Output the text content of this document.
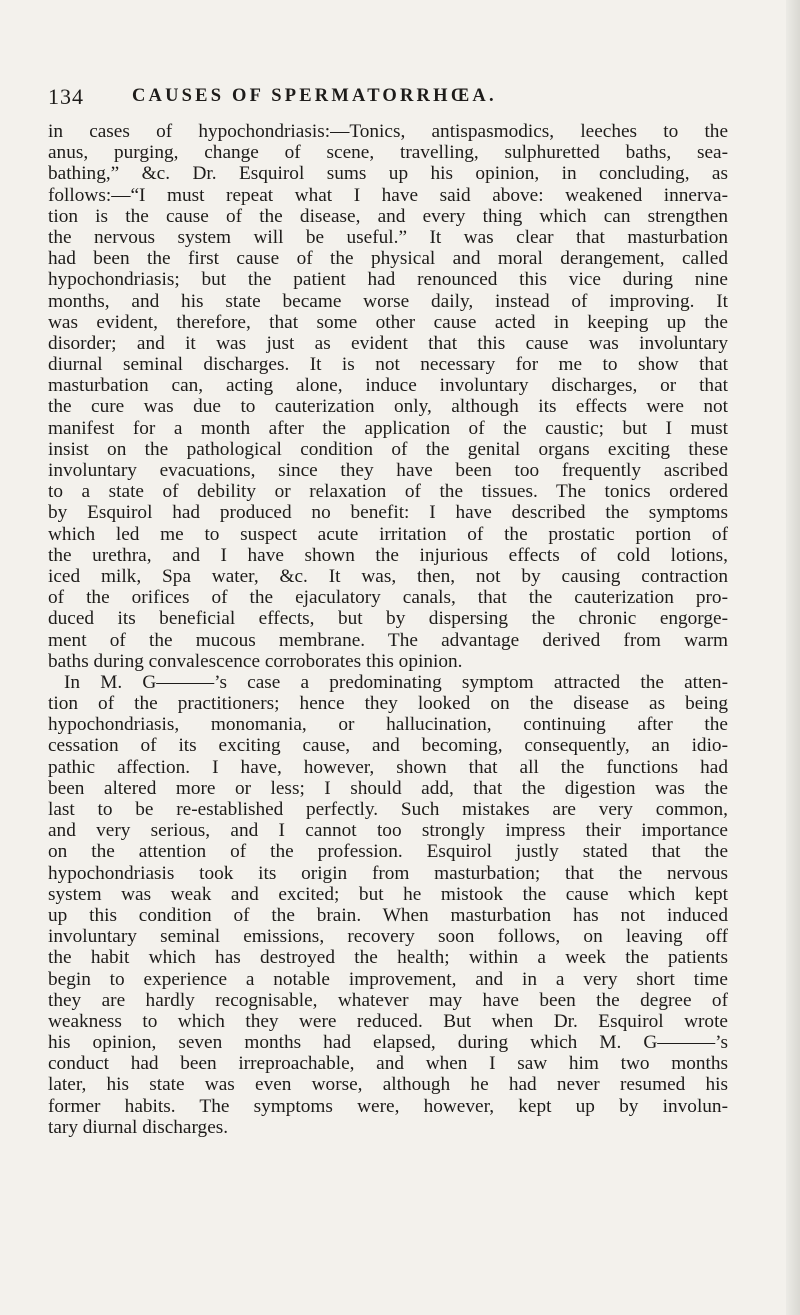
134	CAUSES OF SPERMATORRHŒA.
in cases of hypochondriasis:—Tonics, antispasmodics, leeches to the
anus, purging, change of scene, travelling, sulphuretted baths, sea-
bathing,” &c. Dr. Esquirol sums up his opinion, in concluding, as
follows:—“I must repeat what I have said above: weakened innerva-
tion is the cause of the disease, and every thing which can strengthen
the nervous system will be useful.” It was clear that masturbation
had been the first cause of the physical and moral derangement, called
hypochondriasis; but the patient had renounced this vice during nine
months, and his state became worse daily, instead of improving. It
was evident, therefore, that some other cause acted in keeping up the
disorder; and it was just as evident that this cause was involuntary
diurnal seminal discharges. It is not necessary for me to show that
masturbation can, acting alone, induce involuntary discharges, or that
the cure was due to cauterization only, although its effects were not
manifest for a month after the application of the caustic; but I must
insist on the pathological condition of the genital organs exciting these
involuntary evacuations, since they have been too frequently ascribed
to a state of debility or relaxation of the tissues. The tonics ordered
by Esquirol had produced no benefit: I have described the symptoms
which led me to suspect acute irritation of the prostatic portion of
the urethra, and I have shown the injurious effects of cold lotions,
iced milk, Spa water, &c. It was, then, not by causing contraction
of the orifices of the ejaculatory canals, that the cauterization pro-
duced its beneficial effects, but by dispersing the chronic engorge-
ment of the mucous membrane. The advantage derived from warm
baths during convalescence corroborates this opinion.
In M. G———’s case a predominating symptom attracted the atten-
tion of the practitioners; hence they looked on the disease as being
hypochondriasis, monomania, or hallucination, continuing after the
cessation of its exciting cause, and becoming, consequently, an idio-
pathic affection. I have, however, shown that all the functions had
been altered more or less; I should add, that the digestion was the
last to be re-established perfectly. Such mistakes are very common,
and very serious, and I cannot too strongly impress their importance
on the attention of the profession. Esquirol justly stated that the
hypochondriasis took its origin from masturbation; that the nervous
system was weak and excited; but he mistook the cause which kept
up this condition of the brain. When masturbation has not induced
involuntary seminal emissions, recovery soon follows, on leaving off
the habit which has destroyed the health; within a week the patients
begin to experience a notable improvement, and in a very short time
they are hardly recognisable, whatever may have been the degree of
weakness to which they were reduced. But when Dr. Esquirol wrote
his opinion, seven months had elapsed, during which M. G———’s
conduct had been irreproachable, and when I saw him two months
later, his state was even worse, although he had never resumed his
former habits. The symptoms were, however, kept up by involun-
tary diurnal discharges.
